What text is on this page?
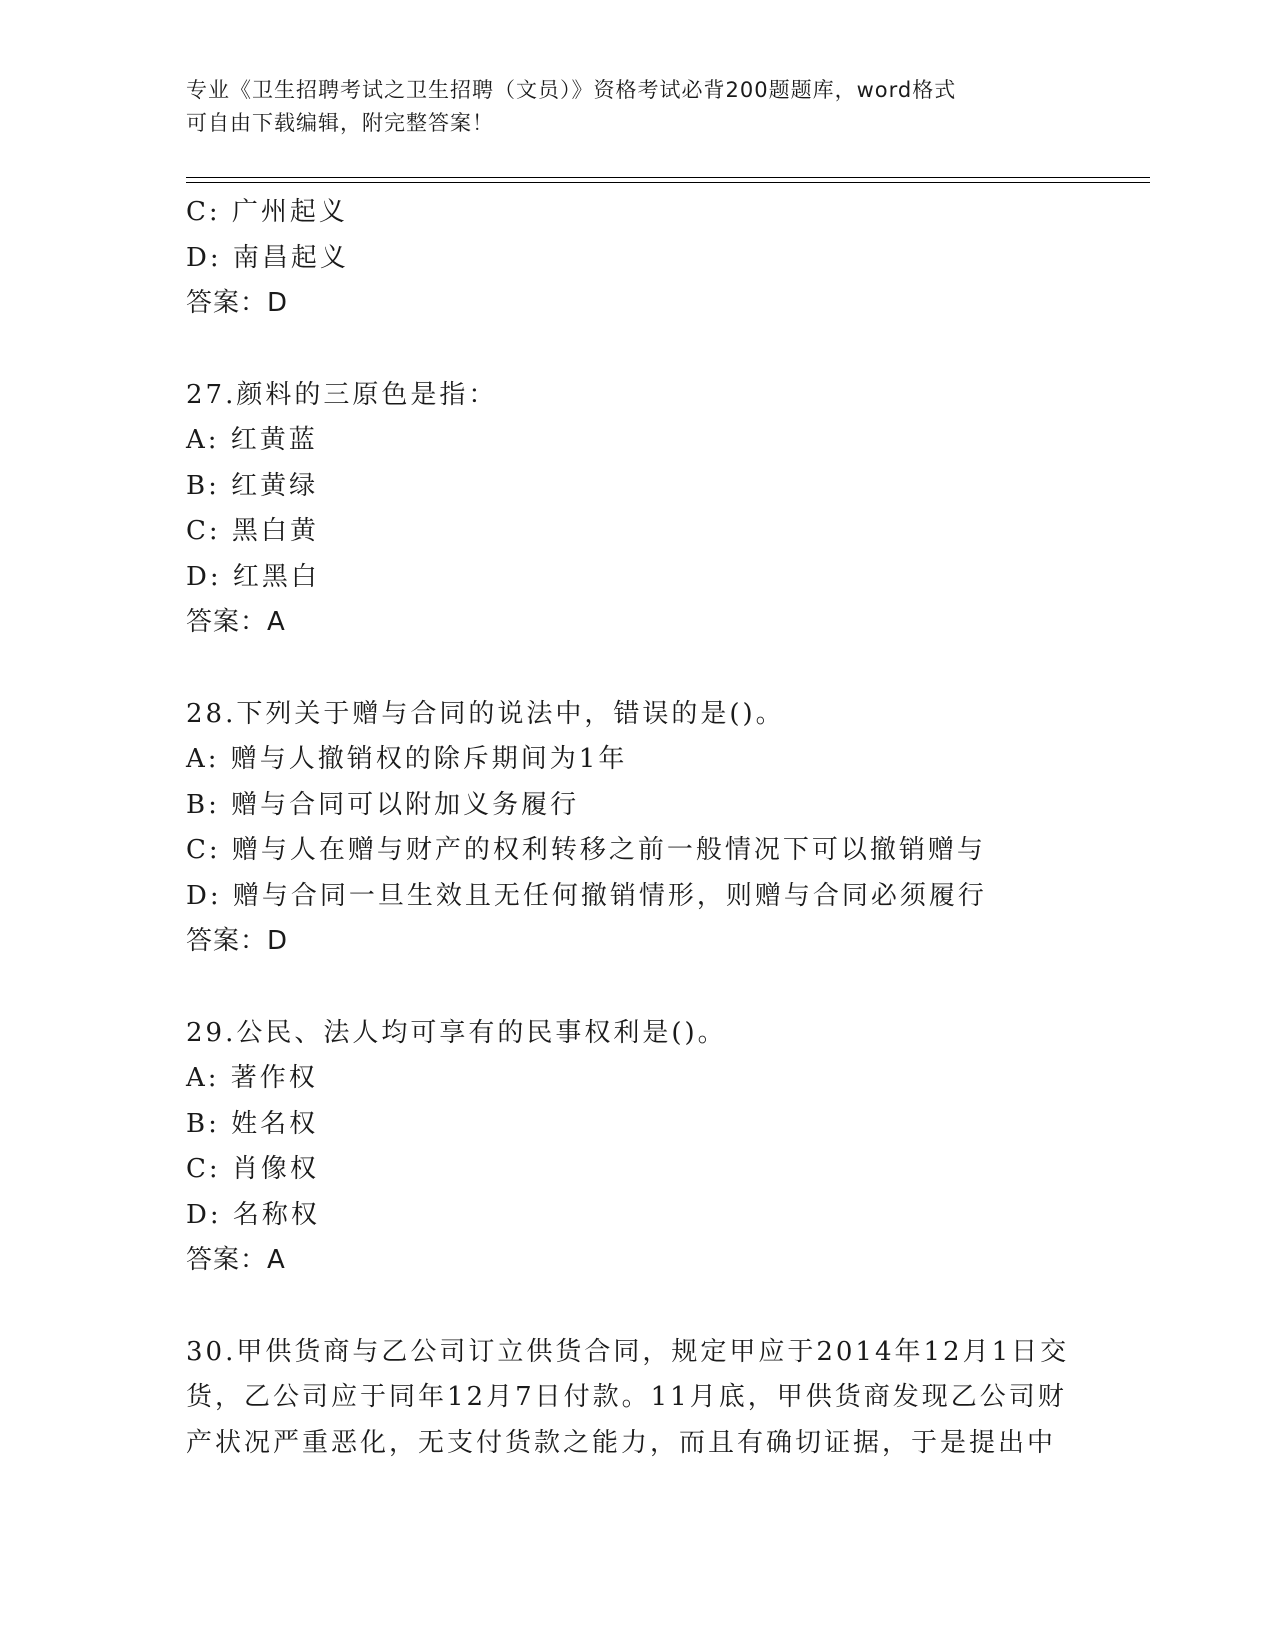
专业《卫生招聘考试之卫生招聘（文员）》资格考试必背200题题库，word格式
可自由下载编辑，附完整答案！
C: 广州起义
D: 南昌起义
答案：D
27.颜料的三原色是指：
A: 红黄蓝
B: 红黄绿
C: 黑白黄
D: 红黑白
答案：A
28.下列关于赠与合同的说法中，错误的是()。
A: 赠与人撤销权的除斥期间为1年
B: 赠与合同可以附加义务履行
C: 赠与人在赠与财产的权利转移之前一般情况下可以撤销赠与
D: 赠与合同一旦生效且无任何撤销情形，则赠与合同必须履行
答案：D
29.公民、法人均可享有的民事权利是()。
A: 著作权
B: 姓名权
C: 肖像权
D: 名称权
答案：A
30.甲供货商与乙公司订立供货合同，规定甲应于2014年12月1日交
货，乙公司应于同年12月7日付款。11月底，甲供货商发现乙公司财
产状况严重恶化，无支付货款之能力，而且有确切证据，于是提出中
